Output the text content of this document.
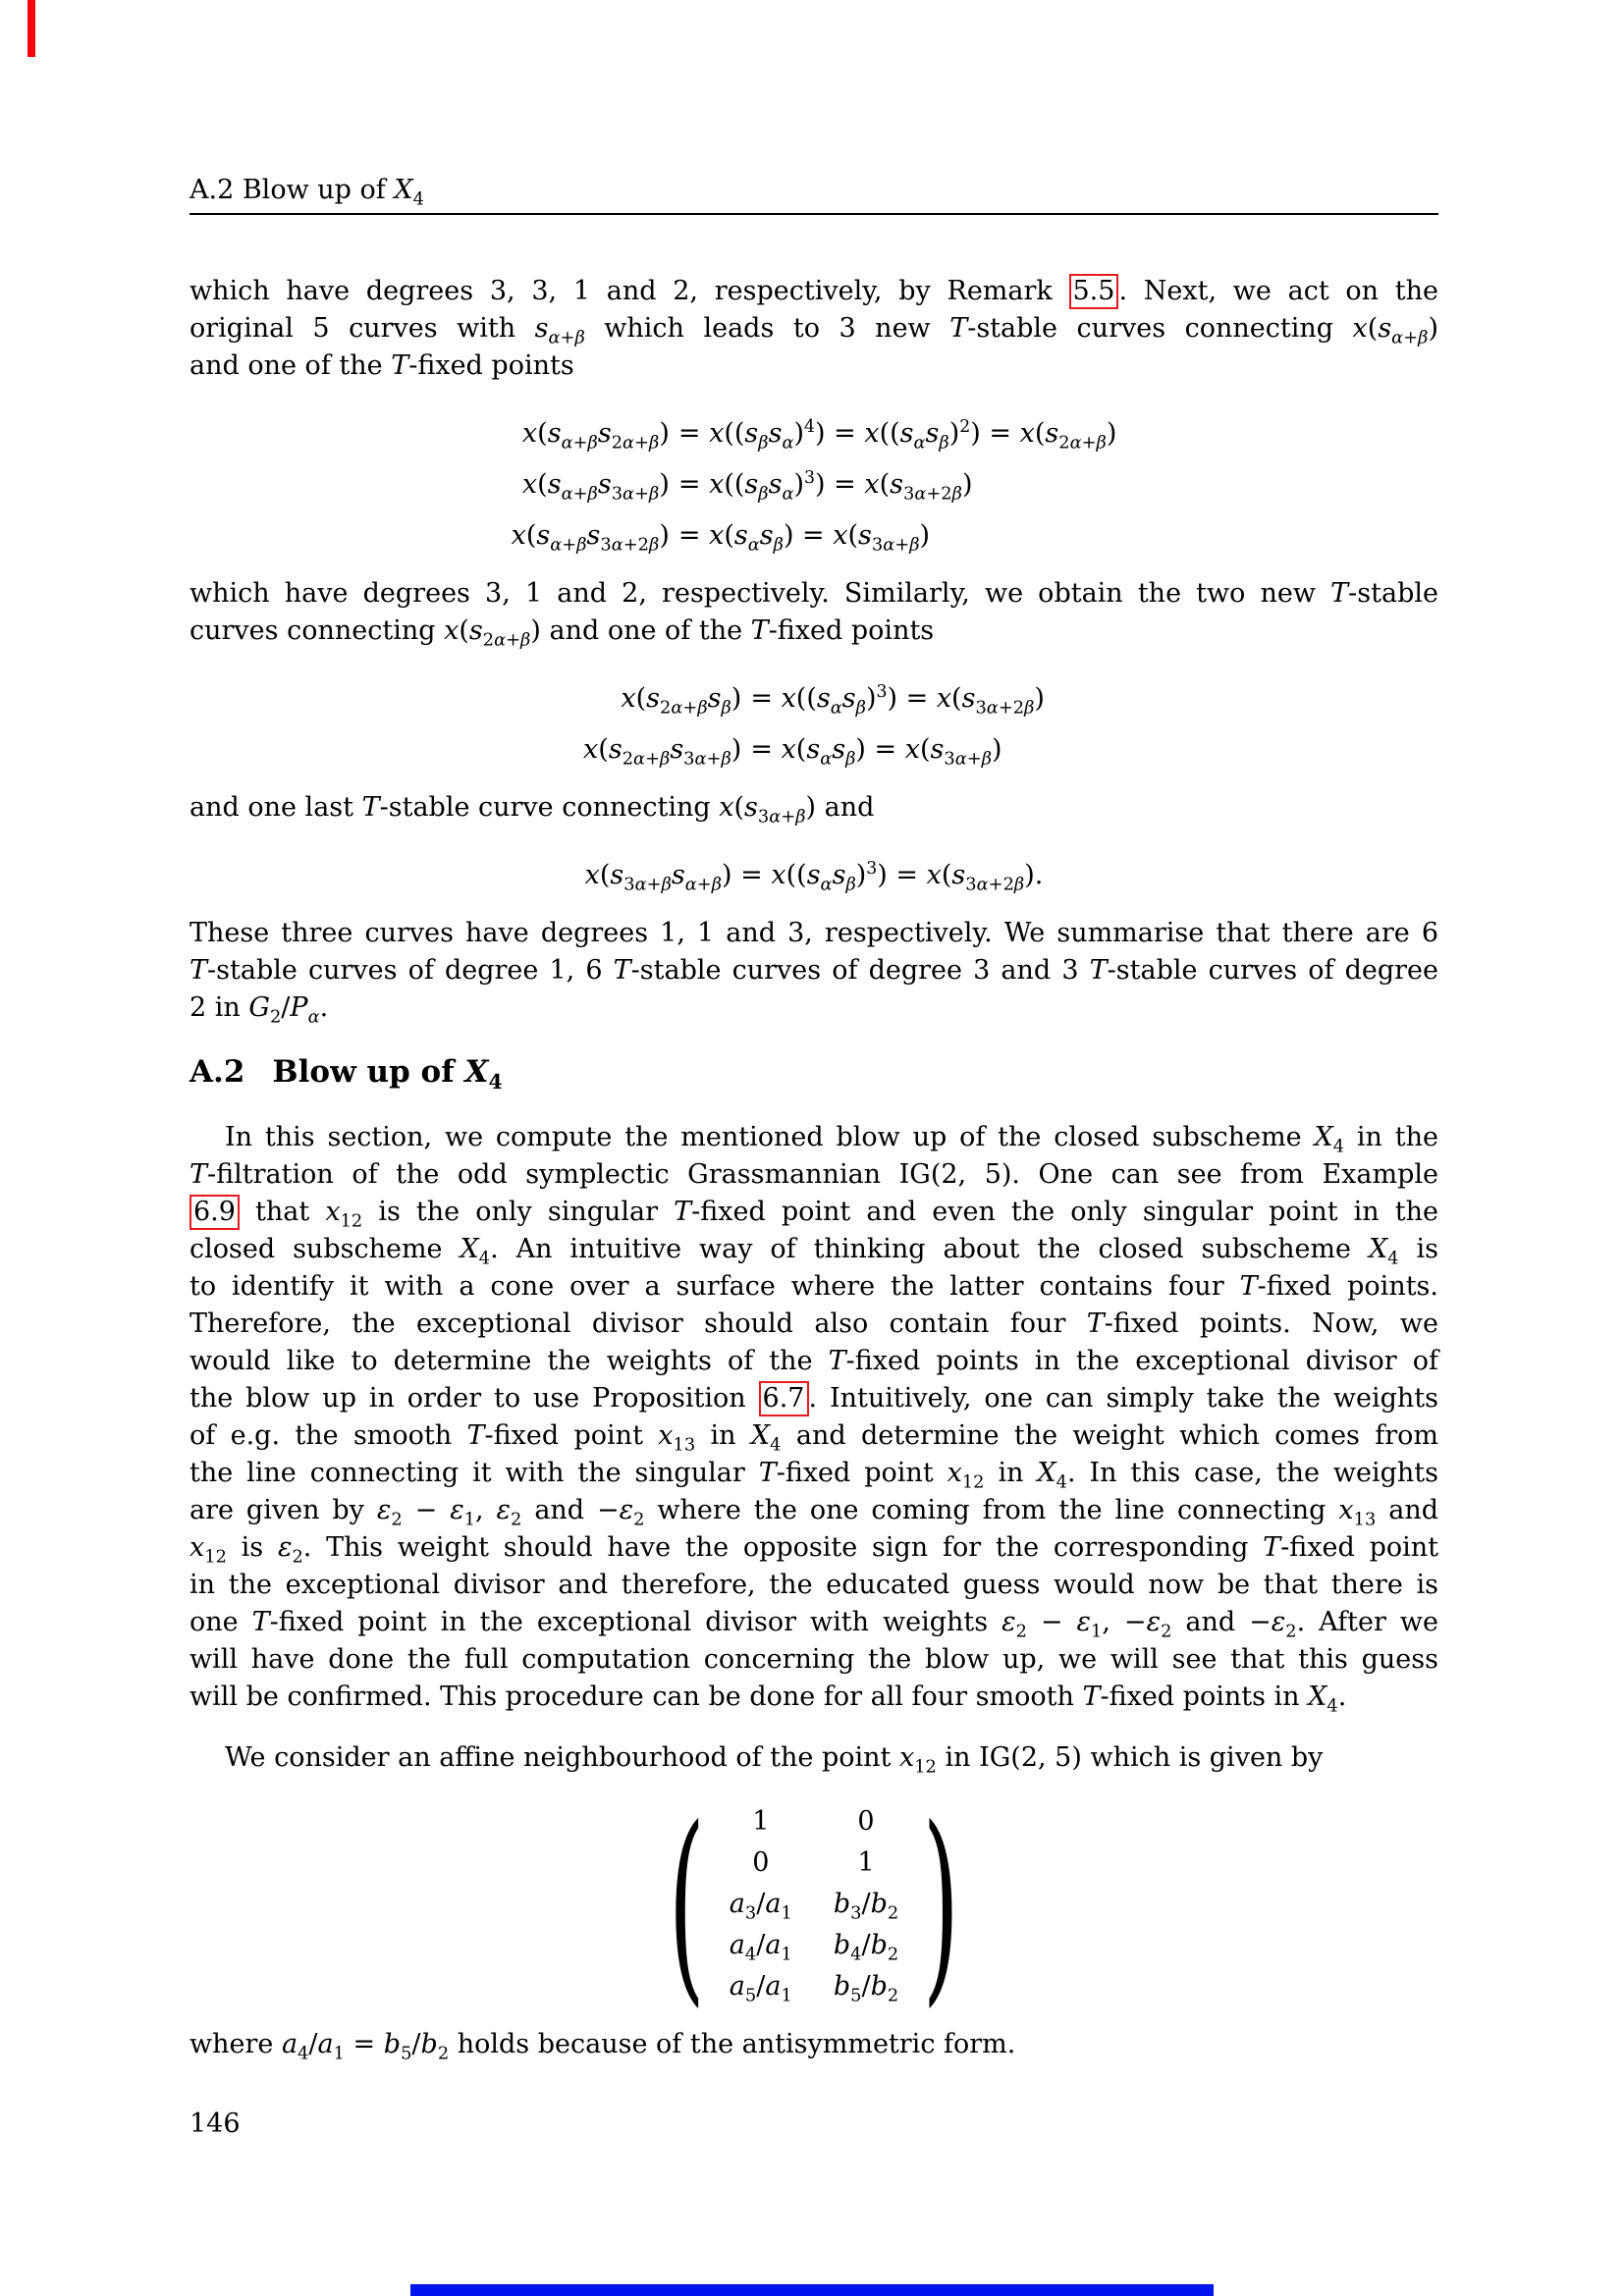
A.2 Blow up of $X_4$
which have degrees 3, 3, 1 and 2, respectively, by Remark 5.5 . Next, we act on the
original 5 curves with $s_{\alpha+\beta}$ which leads to 3 new T-stable curves connecting $x(s_{\alpha+\beta})$
and one of the T-fixed points
$x(s_{\alpha+\beta}s_{2\alpha+\beta}) = x((s_\beta s_\alpha)^4) = x((s_\alpha s_\beta)^2) = x(s_{2\alpha+\beta})$
$x(s_{\alpha+\beta}s_{3\alpha+\beta}) = x((s_\beta s_\alpha)^3) = x(s_{3\alpha+2\beta})$
$x(s_{\alpha+\beta}s_{3\alpha+2\beta}) = x(s_\alpha s_\beta) = x(s_{3\alpha+\beta})$
which have degrees 3, 1 and 2, respectively. Similarly, we obtain the two new T-stable
curves connecting $x(s_{2\alpha+\beta})$ and one of the T-fixed points
$x(s_{2\alpha+\beta}s_\beta) = x((s_\alpha s_\beta)^3) = x(s_{3\alpha+2\beta})$
$x(s_{2\alpha+\beta}s_{3\alpha+\beta}) = x(s_\alpha s_\beta) = x(s_{3\alpha+\beta})$
and one last T-stable curve connecting $x(s_{3\alpha+\beta})$ and
$x(s_{3\alpha+\beta}s_{\alpha+\beta}) = x((s_\alpha s_\beta)^3) = x(s_{3\alpha+2\beta})$.
These three curves have degrees 1, 1 and 3, respectively. We summarise that there are 6
T-stable curves of degree 1, 6 T-stable curves of degree 3 and 3 T-stable curves of degree
2 in $G_2/P_\alpha$.
A.2 Blow up of $X_4$
In this section, we compute the mentioned blow up of the closed subscheme $X_4$ in the
T-filtration of the odd symplectic Grassmannian IG(2, 5). One can see from Example
6.9 that $x_{12}$ is the only singular T-fixed point and even the only singular point in the
closed subscheme $X_4$. An intuitive way of thinking about the closed subscheme $X_4$ is
to identify it with a cone over a surface where the latter contains four T-fixed points.
Therefore, the exceptional divisor should also contain four T-fixed points. Now, we
would like to determine the weights of the T-fixed points in the exceptional divisor of
the blow up in order to use Proposition 6.7 . Intuitively, one can simply take the weights
of e.g. the smooth T-fixed point $x_{13}$ in $X_4$ and determine the weight which comes from
the line connecting it with the singular T-fixed point $x_{12}$ in $X_4$. In this case, the weights
are given by $\varepsilon_2 - \varepsilon_1$, $\varepsilon_2$ and $-\varepsilon_2$ where the one coming from the line connecting $x_{13}$ and
$x_{12}$ is $\varepsilon_2$. This weight should have the opposite sign for the corresponding T-fixed point
in the exceptional divisor and therefore, the educated guess would now be that there is
one T-fixed point in the exceptional divisor with weights $\varepsilon_2 - \varepsilon_1$, $-\varepsilon_2$ and $-\varepsilon_2$. After we
will have done the full computation concerning the blow up, we will see that this guess
will be confirmed. This procedure can be done for all four smooth T-fixed points in $X_4$.
We consider an affine neighbourhood of the point $x_{12}$ in IG(2, 5) which is given by
(	1	0
0	1
$a_3/a_1$ $b_3/b_2$
$a_4/a_1$ $b_4/b_2$
$a_5/a_1$ $b_5/b_2$ )
where $a_4/a_1 = b_5/b_2$ holds because of the antisymmetric form.
146
